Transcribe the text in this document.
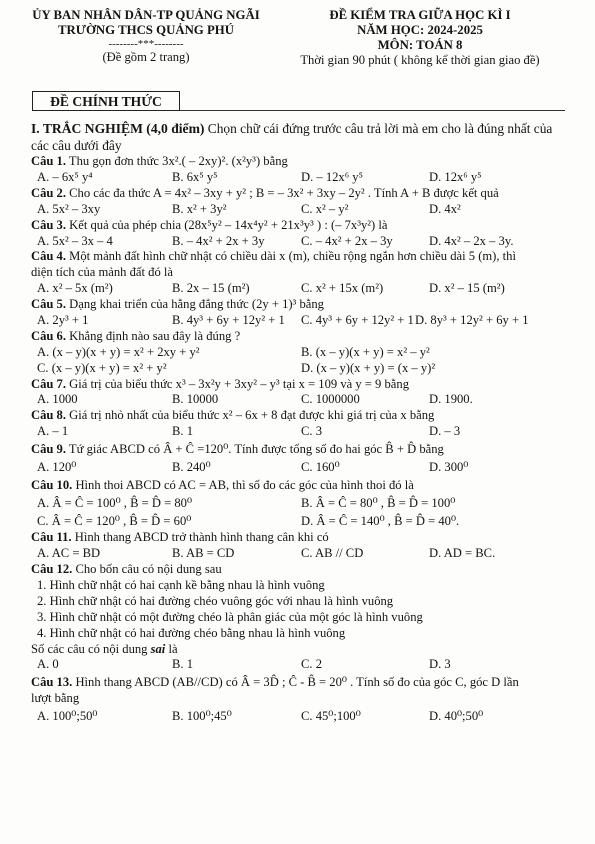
ỦY BAN NHÂN DÂN-TP QUẢNG NGÃI
TRƯỜNG THCS QUẢNG PHÚ
--------***--------
(Đề gồm 2 trang)
ĐỀ KIỂM TRA GIỮA HỌC KÌ I
NĂM HỌC: 2024-2025
MÔN: TOÁN 8
Thời gian 90 phút ( không kể thời gian giao đề)
ĐỀ CHÍNH THỨC
I. TRẮC NGHIỆM (4,0 điểm) Chọn chữ cái đứng trước câu trả lời mà em cho là đúng nhất của các câu dưới đây
Câu 1. Thu gọn đơn thức 3x².( – 2xy)². (x²y³) bằng
A. – 6x⁵ y⁴	B. 6x⁵ y⁵	D. – 12x⁶ y⁵	D. 12x⁶ y⁵
Câu 2. Cho các đa thức A = 4x² – 3xy + y² ; B = – 3x² + 3xy – 2y² . Tính A + B được kết quả
A. 5x² – 3xy	B. x² + 3y²	C. x² – y²	D. 4x²
Câu 3. Kết quả của phép chia (28x⁵y² – 14x⁴y² + 21x³y³ ) : (– 7x³y²) là
A. 5x² – 3x – 4	B. – 4x² + 2x + 3y	C. – 4x² + 2x – 3y	D. 4x² – 2x – 3y.
Câu 4. Một mảnh đất hình chữ nhật có chiều dài x (m), chiều rộng ngắn hơn chiều dài 5 (m), thì
diện tích của mảnh đất đó là
A. x² – 5x (m²)	B. 2x – 15 (m²)	C. x² + 15x (m²)	D. x² – 15 (m²)
Câu 5. Dạng khai triển của hằng đẳng thức (2y + 1)³ bằng
A. 2y³ + 1	B. 4y³ + 6y + 12y² + 1 C. 4y³ + 6y + 12y² + 1 D. 8y³ + 12y² + 6y + 1
Câu 6. Khẳng định nào sau đây là đúng ?
A. (x – y)(x + y) = x² + 2xy + y²	B. (x – y)(x + y) = x² – y²
C. (x – y)(x + y) = x² + y²	D. (x – y)(x + y) = (x – y)²
Câu 7. Giá trị của biểu thức x³ – 3x²y + 3xy² – y³ tại x = 109 và y = 9 bằng
A. 1000	B. 10000	C. 1000000	D. 1900.
Câu 8. Giá trị nhỏ nhất của biểu thức x² – 6x + 8 đạt được khi giá trị của x bằng
A. – 1	B. 1	C. 3	D. – 3
Câu 9. Tứ giác ABCD có Â + Ĉ =120⁰. Tính được tổng số đo hai góc B̂ + D̂ bằng
A. 120⁰	B. 240⁰	C. 160⁰	D. 300⁰
Câu 10. Hình thoi ABCD có AC = AB, thì số đo các góc của hình thoi đó là
A. Â = Ĉ = 100⁰ , B̂ = D̂ = 80⁰	B. Â = Ĉ = 80⁰ , B̂ = D̂ = 100⁰
C. Â = Ĉ = 120⁰ , B̂ = D̂ = 60⁰	D. Â = Ĉ = 140⁰ , B̂ = D̂ = 40⁰.
Câu 11. Hình thang ABCD trở thành hình thang cân khi có
A. AC = BD	B. AB = CD	C. AB // CD	D. AD = BC.
Câu 12. Cho bốn câu có nội dung sau
1. Hình chữ nhật có hai cạnh kề bằng nhau là hình vuông
2. Hình chữ nhật có hai đường chéo vuông góc với nhau là hình vuông
3. Hình chữ nhật có một đường chéo là phân giác của một góc là hình vuông
4. Hình chữ nhật có hai đường chéo bằng nhau là hình vuông
Số các câu có nội dung sai là
A. 0	B. 1	C. 2	D. 3
Câu 13. Hình thang ABCD (AB//CD) có Â = 3D̂ ; Ĉ - B̂ = 20⁰ . Tính số đo của góc C, góc D lần
lượt bằng
A. 100⁰;50⁰	B. 100⁰;45⁰	C. 45⁰;100⁰	D. 40⁰;50⁰
